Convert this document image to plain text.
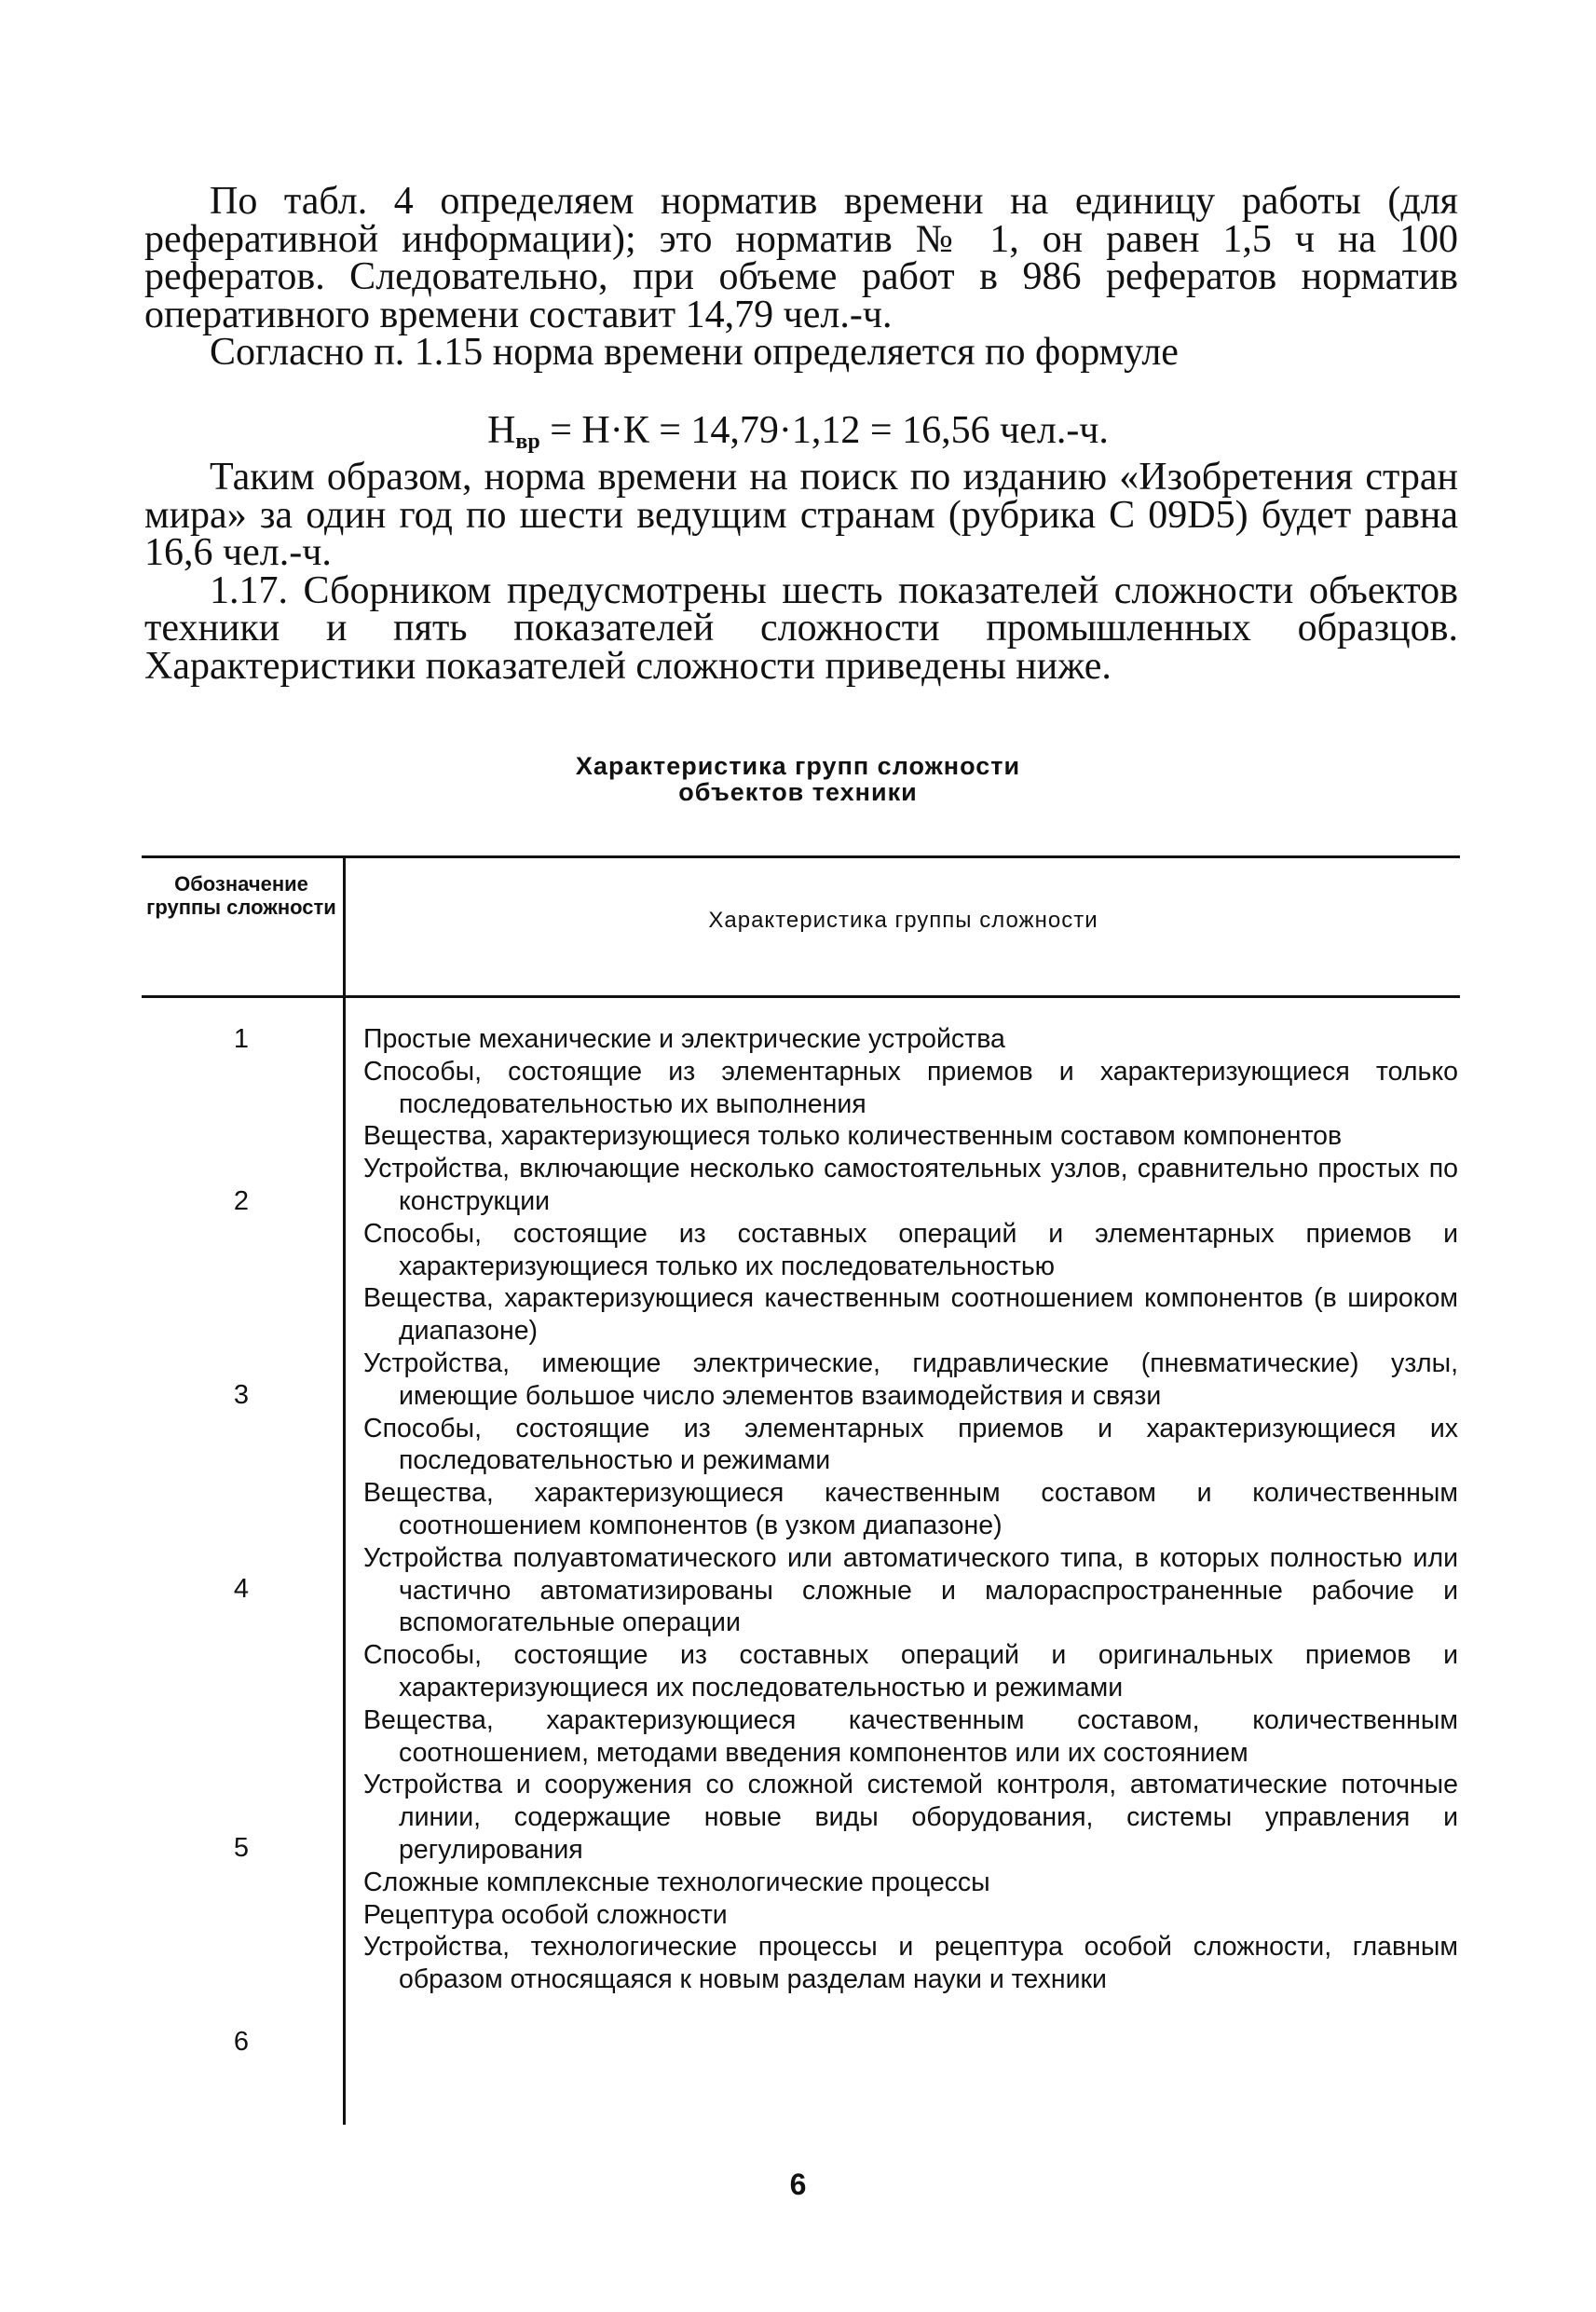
По табл. 4 определяем норматив времени на единицу работы (для реферативной информации); это норматив № 1, он равен 1,5 ч на 100 рефератов. Следовательно, при объеме работ в 986 рефератов норматив оперативного времени составит 14,79 чел.-ч.

Согласно п. 1.15 норма времени определяется по формуле

Нвр = Н·К = 14,79·1,12 = 16,56 чел.-ч.

Таким образом, норма времени на поиск по изданию «Изобретения стран мира» за один год по шести ведущим странам (рубрика С 09D5) будет равна 16,6 чел.-ч.

1.17. Сборником предусмотрены шесть показателей сложности объектов техники и пять показателей сложности промышленных образцов. Характеристики показателей сложности приведены ниже.

Характеристика групп сложности
объектов техники
Обозначение группы сложности
Характеристика группы сложности
1
2
3
4
5
6
Простые механические и электрические устройства
Способы, состоящие из элементарных приемов и характеризующиеся только последовательностью их выполнения
Вещества, характеризующиеся только количественным составом компонентов
Устройства, включающие несколько самостоятельных узлов, сравнительно простых по конструкции
Способы, состоящие из составных операций и элементарных приемов и характеризующиеся только их последовательностью
Вещества, характеризующиеся качественным соотношением компонентов (в широком диапазоне)
Устройства, имеющие электрические, гидравлические (пневматические) узлы, имеющие большое число элементов взаимодействия и связи
Способы, состоящие из элементарных приемов и характеризующиеся их последовательностью и режимами
Вещества, характеризующиеся качественным составом и количественным соотношением компонентов (в узком диапазоне)
Устройства полуавтоматического или автоматического типа, в которых полностью или частично автоматизированы сложные и малораспространенные рабочие и вспомогательные операции
Способы, состоящие из составных операций и оригинальных приемов и характеризующиеся их последовательностью и режимами
Вещества, характеризующиеся качественным составом, количественным соотношением, методами введения компонентов или их состоянием
Устройства и сооружения со сложной системой контроля, автоматические поточные линии, содержащие новые виды оборудования, системы управления и регулирования
Сложные комплексные технологические процессы
Рецептура особой сложности
Устройства, технологические процессы и рецептура особой сложности, главным образом относящаяся к новым разделам науки и техники
6
